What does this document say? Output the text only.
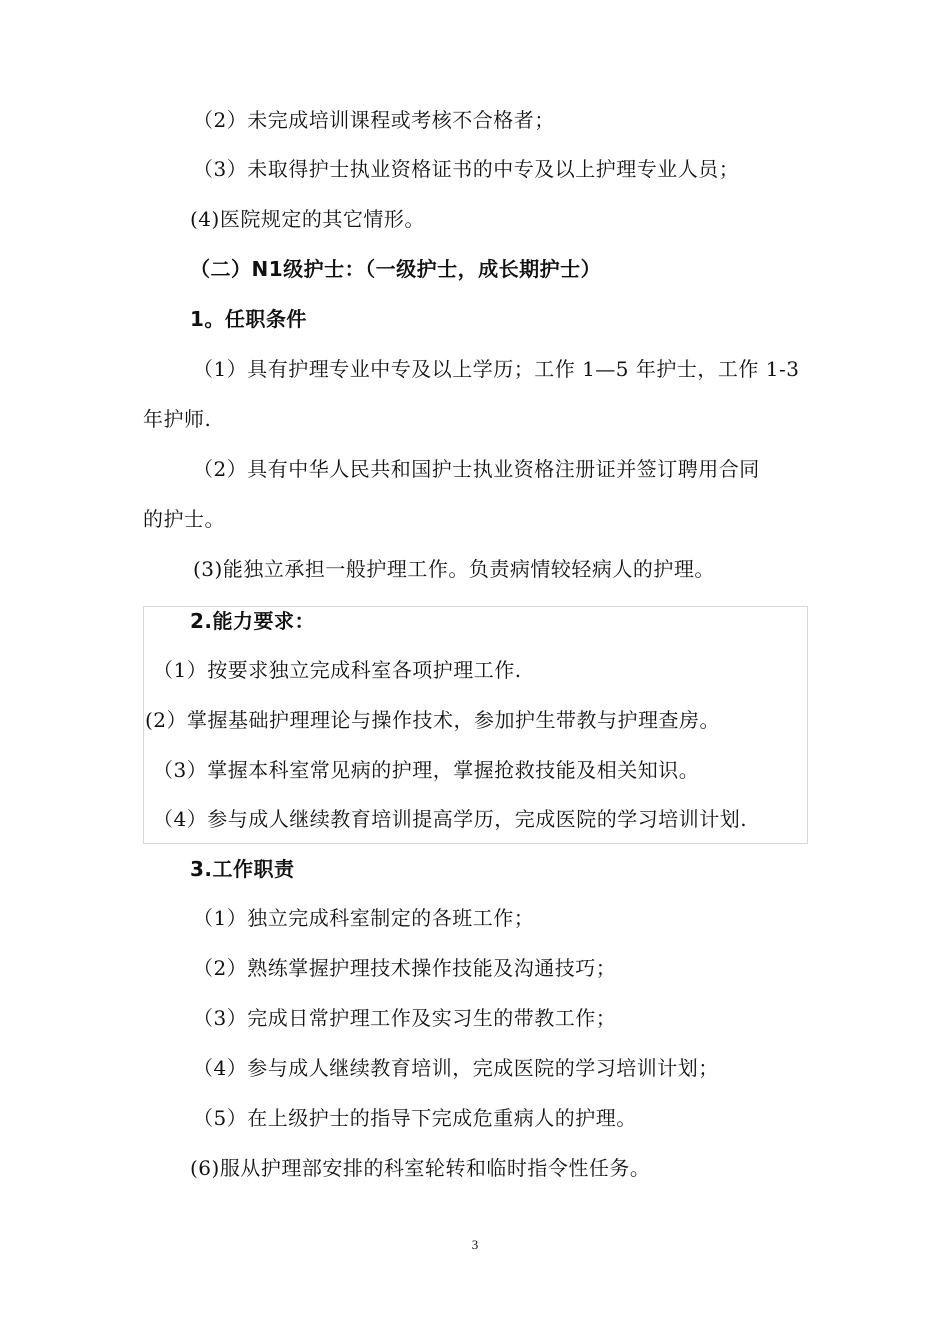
（2）未完成培训课程或考核不合格者；
（3）未取得护士执业资格证书的中专及以上护理专业人员；
(4)医院规定的其它情形。
（二）N1级护士：（一级护士，成长期护士）
1。任职条件
（1）具有护理专业中专及以上学历；工作 1—5 年护士，工作 1-3
年护师.
（2）具有中华人民共和国护士执业资格注册证并签订聘用合同
的护士。
(3)能独立承担一般护理工作。负责病情较轻病人的护理。
2.能力要求：
（1）按要求独立完成科室各项护理工作.
(2）掌握基础护理理论与操作技术，参加护生带教与护理查房。
（3）掌握本科室常见病的护理，掌握抢救技能及相关知识。
（4）参与成人继续教育培训提高学历，完成医院的学习培训计划.
3.工作职责
（1）独立完成科室制定的各班工作；
（2）熟练掌握护理技术操作技能及沟通技巧；
（3）完成日常护理工作及实习生的带教工作；
（4）参与成人继续教育培训，完成医院的学习培训计划；
（5）在上级护士的指导下完成危重病人的护理。
(6)服从护理部安排的科室轮转和临时指令性任务。
3
